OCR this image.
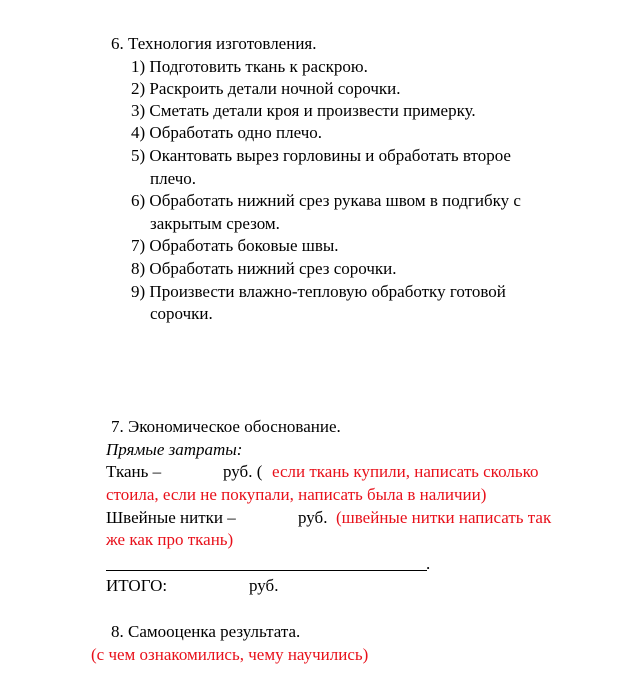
6. Технология изготовления.
1) Подготовить ткань к раскрою.
2) Раскроить детали ночной сорочки.
3) Сметать детали кроя и произвести примерку.
4) Обработать одно плечо.
5) Окантовать вырез горловины и обработать второе
плечо.
6) Обработать нижний срез рукава швом в подгибку с
закрытым срезом.
7) Обработать боковые швы.
8) Обработать нижний срез сорочки.
9) Произвести влажно-тепловую обработку готовой
сорочки.
7. Экономическое обоснование.
Прямые затраты:
Ткань –	руб. ( если ткань купили, написать сколько
стоила, если не покупали, написать была в наличии)
Швейные нитки –	руб. (швейные нитки написать так
же как про ткань)
.
ИТОГО:	руб.
8. Самооценка результата.
(с чем ознакомились, чему научились)
